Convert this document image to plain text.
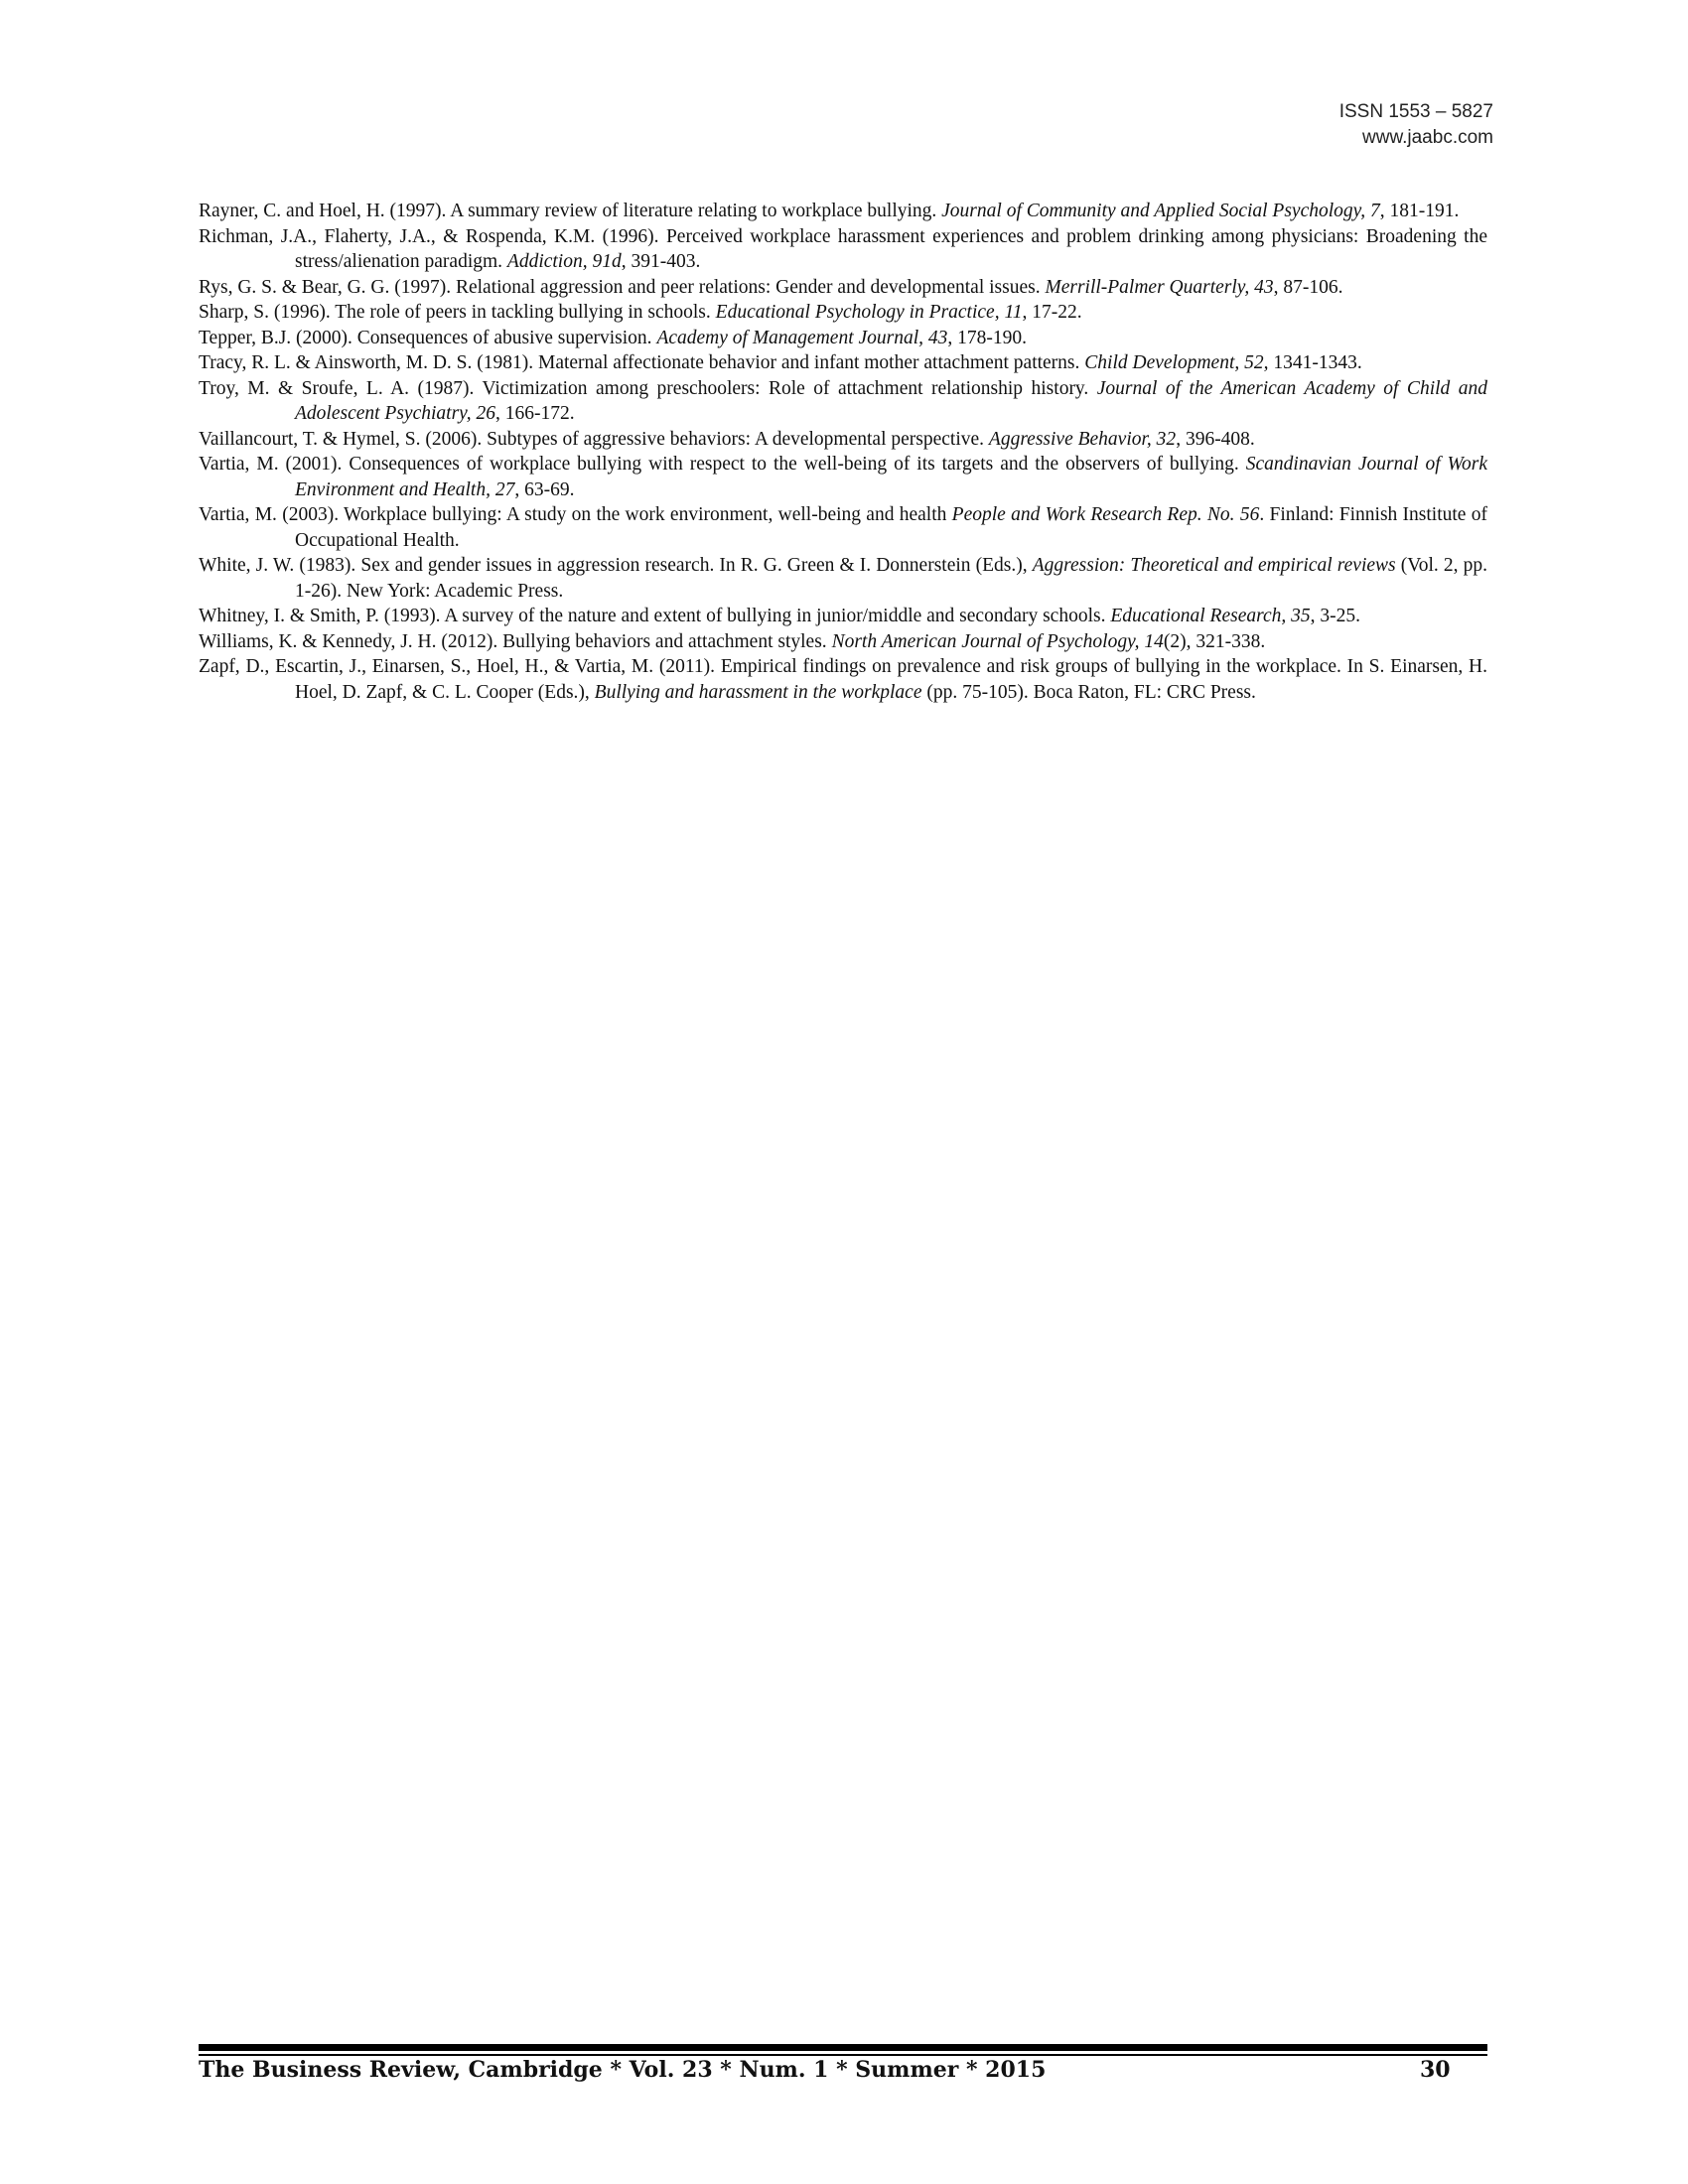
ISSN 1553 – 5827
www.jaabc.com

Rayner, C. and Hoel, H. (1997). A summary review of literature relating to workplace bullying. Journal of Community and Applied Social Psychology, 7, 181-191.

Richman, J.A., Flaherty, J.A., & Rospenda, K.M. (1996). Perceived workplace harassment experiences and problem drinking among physicians: Broadening the stress/alienation paradigm. Addiction, 91d, 391-403.

Rys, G. S. & Bear, G. G. (1997). Relational aggression and peer relations: Gender and developmental issues. Merrill-Palmer Quarterly, 43, 87-106.

Sharp, S. (1996). The role of peers in tackling bullying in schools. Educational Psychology in Practice, 11, 17-22.

Tepper, B.J. (2000). Consequences of abusive supervision. Academy of Management Journal, 43, 178-190.

Tracy, R. L. & Ainsworth, M. D. S. (1981). Maternal affectionate behavior and infant mother attachment patterns. Child Development, 52, 1341-1343.

Troy, M. & Sroufe, L. A. (1987). Victimization among preschoolers: Role of attachment relationship history. Journal of the American Academy of Child and Adolescent Psychiatry, 26, 166-172.

Vaillancourt, T. & Hymel, S. (2006). Subtypes of aggressive behaviors: A developmental perspective. Aggressive Behavior, 32, 396-408.

Vartia, M. (2001). Consequences of workplace bullying with respect to the well-being of its targets and the observers of bullying. Scandinavian Journal of Work Environment and Health, 27, 63-69.

Vartia, M. (2003). Workplace bullying: A study on the work environment, well-being and health People and Work Research Rep. No. 56. Finland: Finnish Institute of Occupational Health.

White, J. W. (1983). Sex and gender issues in aggression research. In R. G. Green & I. Donnerstein (Eds.), Aggression: Theoretical and empirical reviews (Vol. 2, pp. 1-26). New York: Academic Press.

Whitney, I. & Smith, P. (1993). A survey of the nature and extent of bullying in junior/middle and secondary schools. Educational Research, 35, 3-25.

Williams, K. & Kennedy, J. H. (2012). Bullying behaviors and attachment styles. North American Journal of Psychology, 14(2), 321-338.

Zapf, D., Escartin, J., Einarsen, S., Hoel, H., & Vartia, M. (2011). Empirical findings on prevalence and risk groups of bullying in the workplace. In S. Einarsen, H. Hoel, D. Zapf, & C. L. Cooper (Eds.), Bullying and harassment in the workplace (pp. 75-105). Boca Raton, FL: CRC Press.

The Business Review, Cambridge * Vol. 23 * Num. 1 * Summer * 2015	30
